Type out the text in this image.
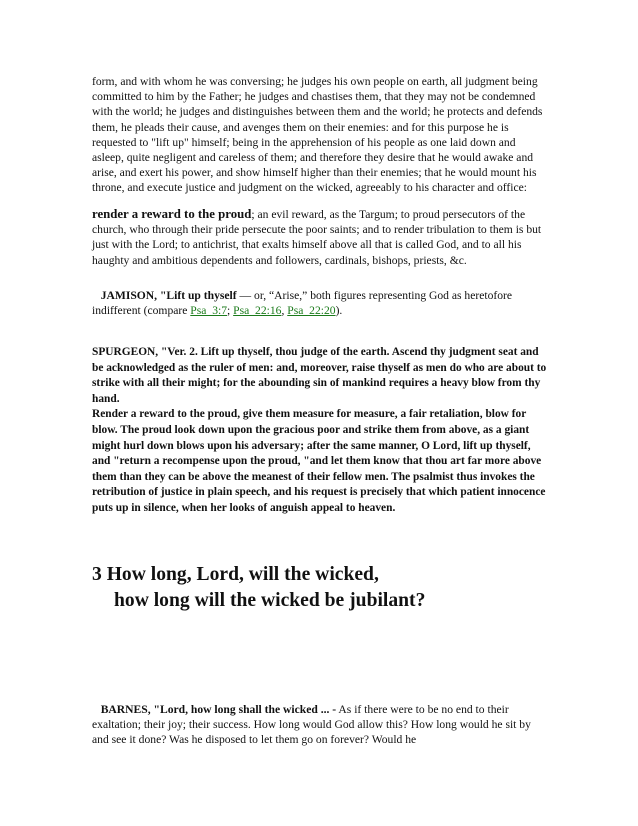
form, and with whom he was conversing; he judges his own people on earth, all judgment being committed to him by the Father; he judges and chastises them, that they may not be condemned with the world; he judges and distinguishes between them and the world; he protects and defends them, he pleads their cause, and avenges them on their enemies: and for this purpose he is requested to "lift up" himself; being in the apprehension of his people as one laid down and asleep, quite negligent and careless of them; and therefore they desire that he would awake and arise, and exert his power, and show himself higher than their enemies; that he would mount his throne, and execute justice and judgment on the wicked, agreeably to his character and office:

render a reward to the proud; an evil reward, as the Targum; to proud persecutors of the church, who through their pride persecute the poor saints; and to render tribulation to them is but just with the Lord; to antichrist, that exalts himself above all that is called God, and to all his haughty and ambitious dependents and followers, cardinals, bishops, priests, &c.

JAMISON, "Lift up thyself — or, “Arise,” both figures representing God as heretofore indifferent (compare Psa_3:7; Psa_22:16, Psa_22:20).

SPURGEON, "Ver. 2. Lift up thyself, thou judge of the earth. Ascend thy judgment seat and be acknowledged as the ruler of men: and, moreover, raise thyself as men do who are about to strike with all their might; for the abounding sin of mankind requires a heavy blow from thy hand.

Render a reward to the proud, give them measure for measure, a fair retaliation, blow for blow. The proud look down upon the gracious poor and strike them from above, as a giant might hurl down blows upon his adversary; after the same manner, O Lord, lift up thyself, and "return a recompense upon the proud, "and let them know that thou art far more above them than they can be above the meanest of their fellow men. The psalmist thus invokes the retribution of justice in plain speech, and his request is precisely that which patient innocence puts up in silence, when her looks of anguish appeal to heaven.

3 How long, Lord, will the wicked,
how long will the wicked be jubilant?

BARNES, "Lord, how long shall the wicked ... - As if there were to be no end to their exaltation; their joy; their success. How long would God allow this? How long would he sit by and see it done? Was he disposed to let them go on forever? Would he
